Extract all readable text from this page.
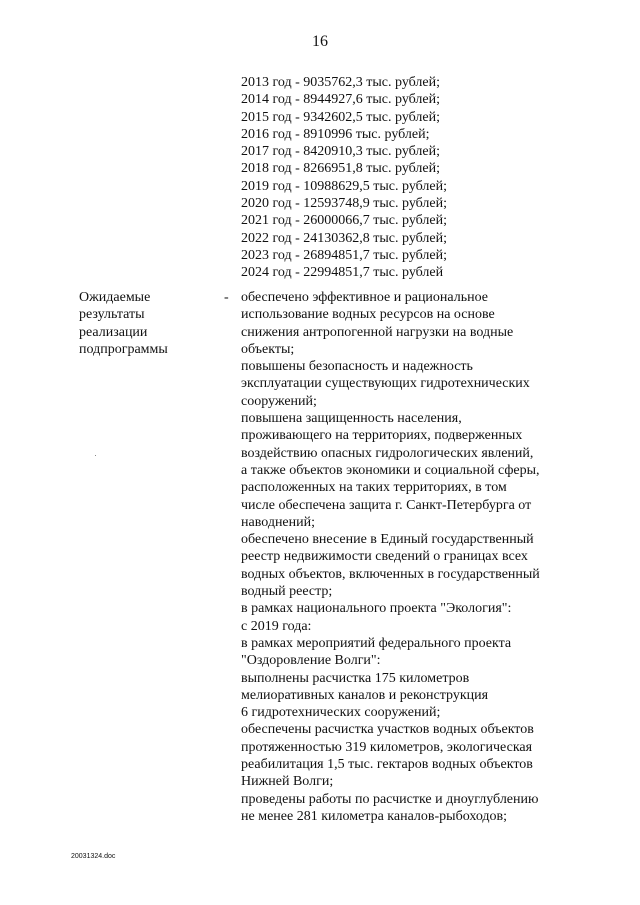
16
2013 год - 9035762,3 тыс. рублей;
2014 год - 8944927,6 тыс. рублей;
2015 год - 9342602,5 тыс. рублей;
2016 год - 8910996 тыс. рублей;
2017 год - 8420910,3 тыс. рублей;
2018 год - 8266951,8 тыс. рублей;
2019 год - 10988629,5 тыс. рублей;
2020 год - 12593748,9 тыс. рублей;
2021 год - 26000066,7 тыс. рублей;
2022 год - 24130362,8 тыс. рублей;
2023 год - 26894851,7 тыс. рублей;
2024 год - 22994851,7 тыс. рублей
Ожидаемые
результаты
реализации
подпрограммы
- обеспечено эффективное и рациональное
использование водных ресурсов на основе
снижения антропогенной нагрузки на водные
объекты;
повышены безопасность и надежность
эксплуатации существующих гидротехнических
сооружений;
повышена защищенность населения,
проживающего на территориях, подверженных
воздействию опасных гидрологических явлений,
а также объектов экономики и социальной сферы,
расположенных на таких территориях, в том
числе обеспечена защита г. Санкт-Петербурга от
наводнений;
обеспечено внесение в Единый государственный
реестр недвижимости сведений о границах всех
водных объектов, включенных в государственный
водный реестр;
в рамках национального проекта "Экология":
с 2019 года:
в рамках мероприятий федерального проекта
"Оздоровление Волги":
выполнены расчистка 175 километров
мелиоративных каналов и реконструкция
6 гидротехнических сооружений;
обеспечены расчистка участков водных объектов
протяженностью 319 километров, экологическая
реабилитация 1,5 тыс. гектаров водных объектов
Нижней Волги;
проведены работы по расчистке и дноуглублению
не менее 281 километра каналов-рыбоходов;
20031324.doc
